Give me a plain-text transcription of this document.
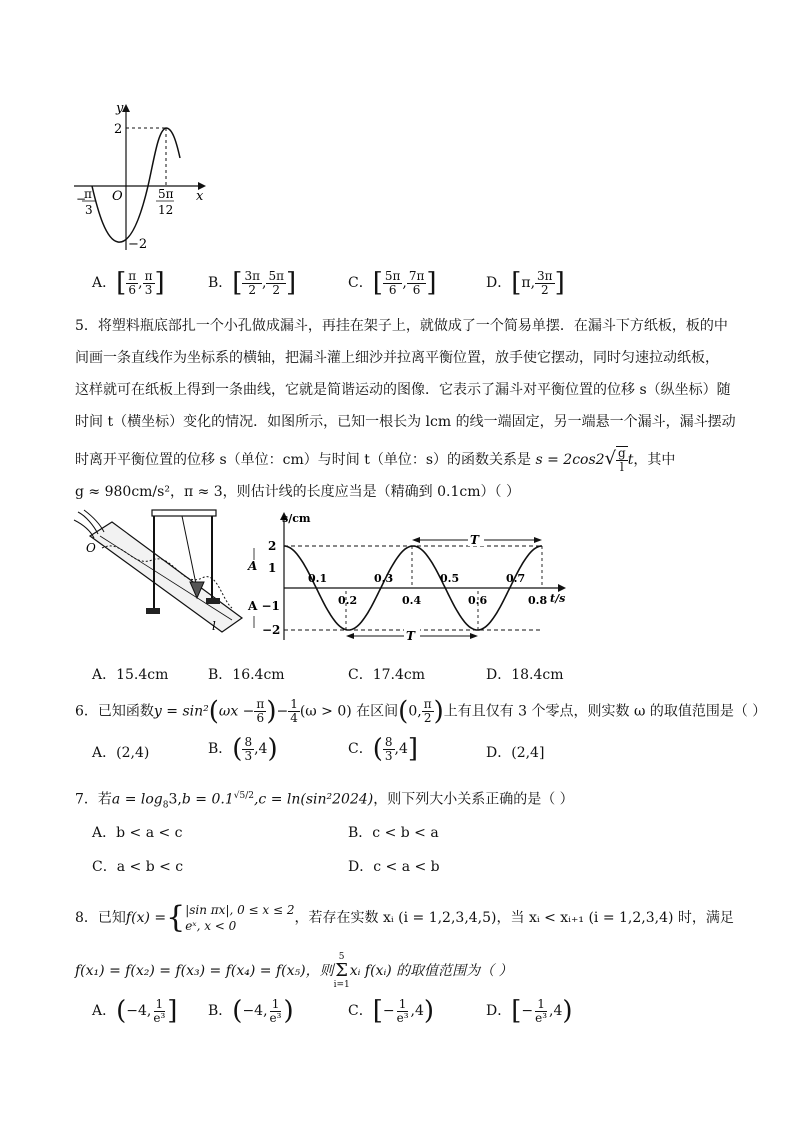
y
x
O
2
−2
−
π
3
5π
12
A．[ $\frac{\pi}{6}$ , $\frac{\pi}{3}$ ]	B．[ $\frac{3\pi}{2}$ , $\frac{5\pi}{2}$ ]	C．[ $\frac{5\pi}{6}$ , $\frac{7\pi}{6}$ ]	D．[π, $\frac{3\pi}{2}$ ]
5．将塑料瓶底部扎一个小孔做成漏斗，再挂在架子上，就做成了一个简易单摆．在漏斗下方纸板，板的中
间画一条直线作为坐标系的横轴，把漏斗灌上细沙并拉离平衡位置，放手使它摆动，同时匀速拉动纸板，
这样就可在纸板上得到一条曲线，它就是简谐运动的图像．它表示了漏斗对平衡位置的位移 s（纵坐标）随
时间 t（横坐标）变化的情况．如图所示，已知一根长为 lcm 的线一端固定，另一端悬一个漏斗，漏斗摆动
时离开平衡位置的位移 s（单位：cm）与时间 t（单位：s）的函数关系是 $s = 2\cos 2√ \frac{g}{l}$ t，其中
g ≈ 980cm/s²，π ≈ 3，则估计线的长度应当是（精确到 0.1cm）（ ）
O
l
s/cm
t/s
2
1
A
A −1
−2
0.1	0.3	0.5	0.7
0.2	0.4	0.6	0.8
T
T
A．15.4cm	B．16.4cm	C．17.4cm	D．18.4cm
6．已知函数$y = \sin^2(\omega x - \frac{\pi}{6}$ )− $\frac{1}{4} (\omega > 0)$ 在区间(0, $\frac{\pi}{2}$ )上有且仅有 3 个零点，则实数 ω 的取值范围是（ ）
A．(2,4)	B．( $\frac{8}{3} ,4$)	C．( $\frac{8}{3} ,4$]	D．(2,4]
7．若$a = \log_83,b = 0.1^{√5/2},c = \ln(\sin^22024)$，则下列大小关系正确的是（ ）
A．b < a < c	B．c < b < a
C．a < b < c	D．c < a < b
8．已知f(x) ={ |sin πx|, 0 ≤ x ≤ 2
eˣ, x < 0	，若存在实数 xᵢ (i = 1,2,3,4,5)，当 xᵢ < xᵢ₊₁ (i = 1,2,3,4) 时，满足
f(x₁) = f(x₂) = f(x₃) = f(x₄) = f(x₅)，则
5
Σ
i=1
xᵢ f(xᵢ) 的取值范围为（ ）
A．(−4, $\frac{1}{\text{e³}}$ ] B．(−4, $\frac{1}{\text{e³}}$ )	C．[− $\frac{1}{\text{e³}} ,4$)	D．[− $\frac{1}{\text{e³}} ,4$)
